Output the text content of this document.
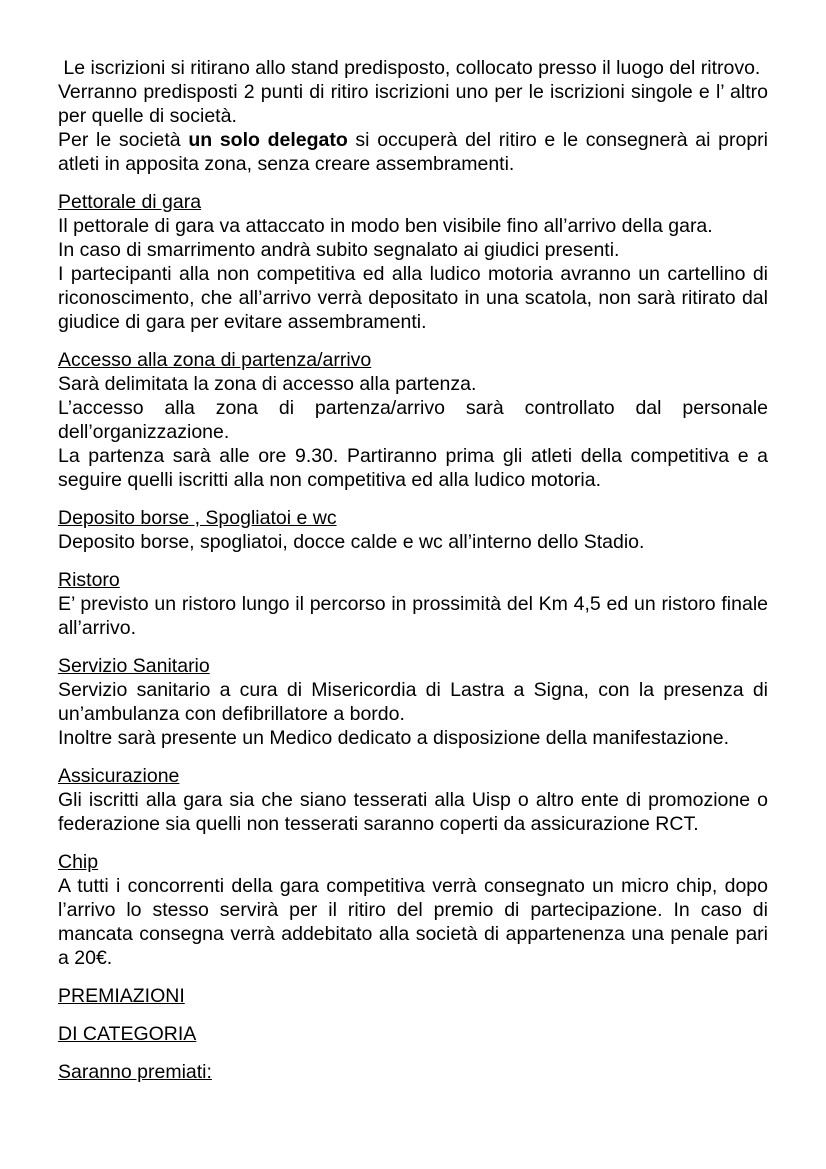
Le iscrizioni si ritirano allo stand predisposto, collocato presso il luogo del ritrovo.

Verranno predisposti 2 punti di ritiro iscrizioni uno per le iscrizioni singole e l’ altro per quelle di società.

Per le società un solo delegato si occuperà del ritiro e le consegnerà ai propri atleti in apposita zona, senza creare assembramenti.

Pettorale di gara

Il pettorale di gara va attaccato in modo ben visibile fino all’arrivo della gara.

In caso di smarrimento andrà subito segnalato ai giudici presenti.

I partecipanti alla non competitiva ed alla ludico motoria avranno un cartellino di riconoscimento, che all’arrivo verrà depositato in una scatola, non sarà ritirato dal giudice di gara per evitare assembramenti.

Accesso alla zona di partenza/arrivo

Sarà delimitata la zona di accesso alla partenza.

L’accesso alla zona di partenza/arrivo sarà controllato dal personale dell’organizzazione.

La partenza sarà alle ore 9.30. Partiranno prima gli atleti della competitiva e a seguire quelli iscritti alla non competitiva ed alla ludico motoria.

Deposito borse , Spogliatoi e wc

Deposito borse, spogliatoi, docce calde e wc all’interno dello Stadio.

Ristoro

E’ previsto un ristoro lungo il percorso in prossimità del Km 4,5 ed un ristoro finale all’arrivo.

Servizio Sanitario

Servizio sanitario a cura di Misericordia di Lastra a Signa, con la presenza di un’ambulanza con defibrillatore a bordo.

Inoltre sarà presente un Medico dedicato a disposizione della manifestazione.

Assicurazione

Gli iscritti alla gara sia che siano tesserati alla Uisp o altro ente di promozione o federazione sia quelli non tesserati saranno coperti da assicurazione RCT.

Chip

A tutti i concorrenti della gara competitiva verrà consegnato un micro chip, dopo l’arrivo lo stesso servirà per il ritiro del premio di partecipazione. In caso di mancata consegna verrà addebitato alla società di appartenenza una penale pari a 20€.

PREMIAZIONI
DI CATEGORIA

Saranno premiati:
